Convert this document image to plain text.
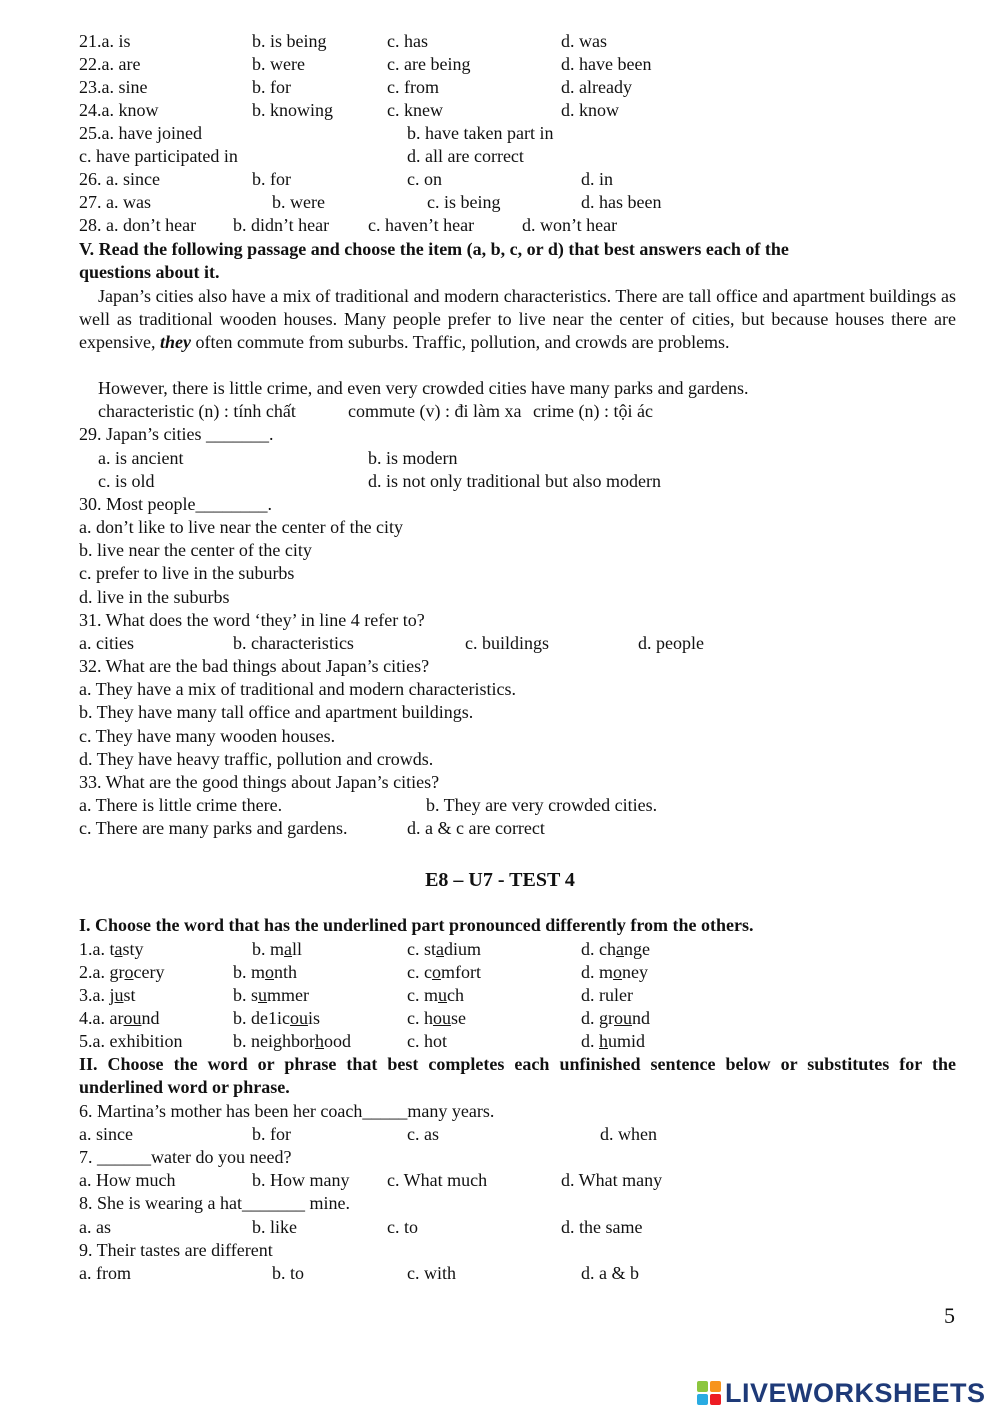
21.a. is	b. is being	c. has	d. was
22.a. are	b. were	c. are being	d. have been
23.a. sine	b. for	c. from	d. already
24.a. know	b. knowing	c. knew	d. know
25.a. have joined	b. have taken part in
c. have participated in	d. all are correct
26. a. since	b. for	c. on	d. in
27. a. was	b. were	c. is being	d. has been
28. a. don’t hear b. didn’t hear c. haven’t hear	d. won’t hear
V. Read the following passage and choose the item (a, b, c, or d) that best answers each of the
questions about it.
Japan’s cities also have a mix of traditional and modern characteristics. There are tall office and apartment buildings as well as traditional wooden houses. Many people prefer to live near the center of cities, but because houses there are expensive, they often commute from suburbs. Traffic, pollution, and crowds are problems.
However, there is little crime, and even very crowded cities have many parks and gardens.
characteristic (n) : tính chất	commute (v) : đi làm xa crime (n) : tội ác
29. Japan’s cities _______.
a. is ancient	b. is modern
c. is old	d. is not only traditional but also modern
30. Most people________.
a. don’t like to live near the center of the city
b. live near the center of the city
c. prefer to live in the suburbs
d. live in the suburbs
31. What does the word ‘they’ in line 4 refer to?
a. cities	b. characteristics	c. buildings	d. people
32. What are the bad things about Japan’s cities?
a. They have a mix of traditional and modern characteristics.
b. They have many tall office and apartment buildings.
c. They have many wooden houses.
d. They have heavy traffic, pollution and crowds.
33. What are the good things about Japan’s cities?
a. There is little crime there.	b. They are very crowded cities.
c. There are many parks and gardens.	d. a & c are correct
E8 – U7 - TEST 4
I. Choose the word that has the underlined part pronounced differently from the others.
1.a. tasty	b. mall	c. stadium	d. change
2.a. grocery	b. month	c. comfort	d. money
3.a. just	b. summer	c. much	d. ruler
4.a. around	b. de1icouis	c. house	d. ground
5.a. exhibition	b. neighborhood	c. hot	d. humid
II. Choose the word or phrase that best completes each unfinished sentence below or substitutes for the underlined word or phrase.
6. Martina’s mother has been her coach_____many years.
a. since	b. for	c. as	d. when
7. ______water do you need?
a. How much	b. How many c. What much	d. What many
8. She is wearing a hat_______ mine.
a. as	b. like	c. to	d. the same
9. Their tastes are different
a. from	b. to	c. with	d. a & b
5
LIVEWORKSHEETS
